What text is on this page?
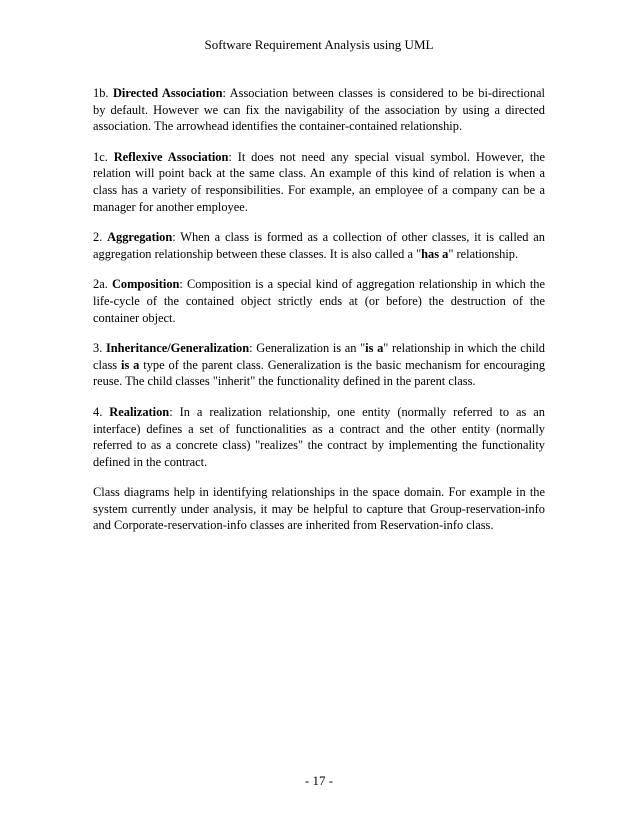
Software Requirement Analysis using UML

1b. Directed Association: Association between classes is considered to be bi-directional by default. However we can fix the navigability of the association by using a directed association. The arrowhead identifies the container-contained relationship.

1c. Reflexive Association: It does not need any special visual symbol. However, the relation will point back at the same class. An example of this kind of relation is when a class has a variety of responsibilities. For example, an employee of a company can be a manager for another employee.

2. Aggregation: When a class is formed as a collection of other classes, it is called an aggregation relationship between these classes. It is also called a "has a" relationship.

2a. Composition: Composition is a special kind of aggregation relationship in which the life-cycle of the contained object strictly ends at (or before) the destruction of the container object.

3. Inheritance/Generalization: Generalization is an "is a" relationship in which the child class is a type of the parent class. Generalization is the basic mechanism for encouraging reuse. The child classes "inherit" the functionality defined in the parent class.

4. Realization: In a realization relationship, one entity (normally referred to as an interface) defines a set of functionalities as a contract and the other entity (normally referred to as a concrete class) "realizes" the contract by implementing the functionality defined in the contract.

Class diagrams help in identifying relationships in the space domain. For example in the system currently under analysis, it may be helpful to capture that Group-reservation-info and Corporate-reservation-info classes are inherited from Reservation-info class.

- 17 -
